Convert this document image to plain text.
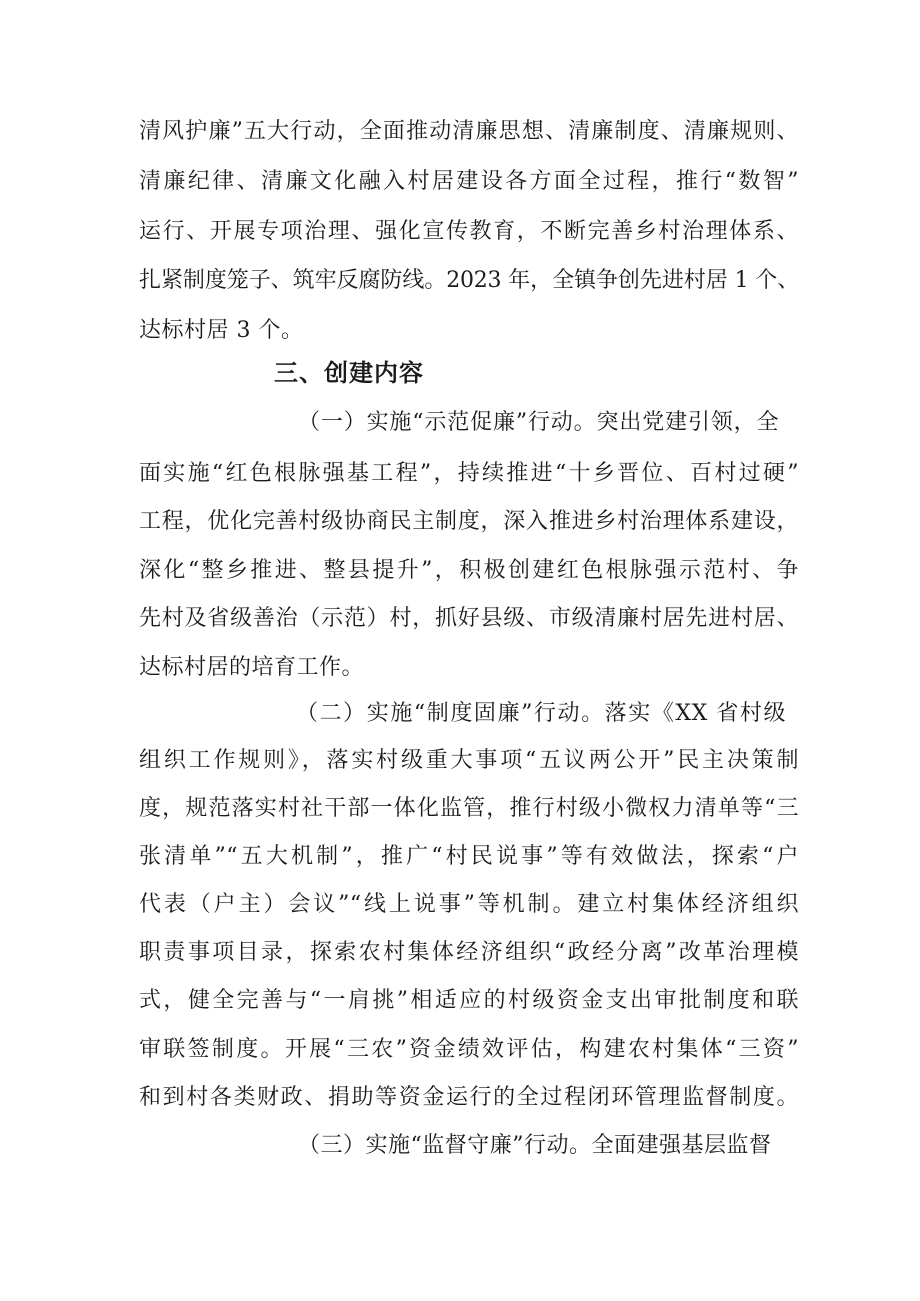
清风护廉”五大行动，全面推动清廉思想、清廉制度、清廉规则、
清廉纪律、清廉文化融入村居建设各方面全过程，推行“数智”
运行、开展专项治理、强化宣传教育，不断完善乡村治理体系、
扎紧制度笼子、筑牢反腐防线。2023 年，全镇争创先进村居 1 个、
达标村居 3 个。
三、创建内容
（一）实施“示范促廉”行动。突出党建引领，全
面实施“红色根脉强基工程”，持续推进“十乡晋位、百村过硬”
工程，优化完善村级协商民主制度，深入推进乡村治理体系建设，
深化“整乡推进、整县提升”，积极创建红色根脉强示范村、争
先村及省级善治（示范）村，抓好县级、市级清廉村居先进村居、
达标村居的培育工作。
（二）实施“制度固廉”行动。落实《XX 省村级
组织工作规则》，落实村级重大事项“五议两公开”民主决策制
度，规范落实村社干部一体化监管，推行村级小微权力清单等“三
张清单”“五大机制”，推广“村民说事”等有效做法，探索“户
代表（户主）会议”“线上说事”等机制。建立村集体经济组织
职责事项目录，探索农村集体经济组织“政经分离”改革治理模
式，健全完善与“一肩挑”相适应的村级资金支出审批制度和联
审联签制度。开展“三农”资金绩效评估，构建农村集体“三资”
和到村各类财政、捐助等资金运行的全过程闭环管理监督制度。
（三）实施“监督守廉”行动。全面建强基层监督
